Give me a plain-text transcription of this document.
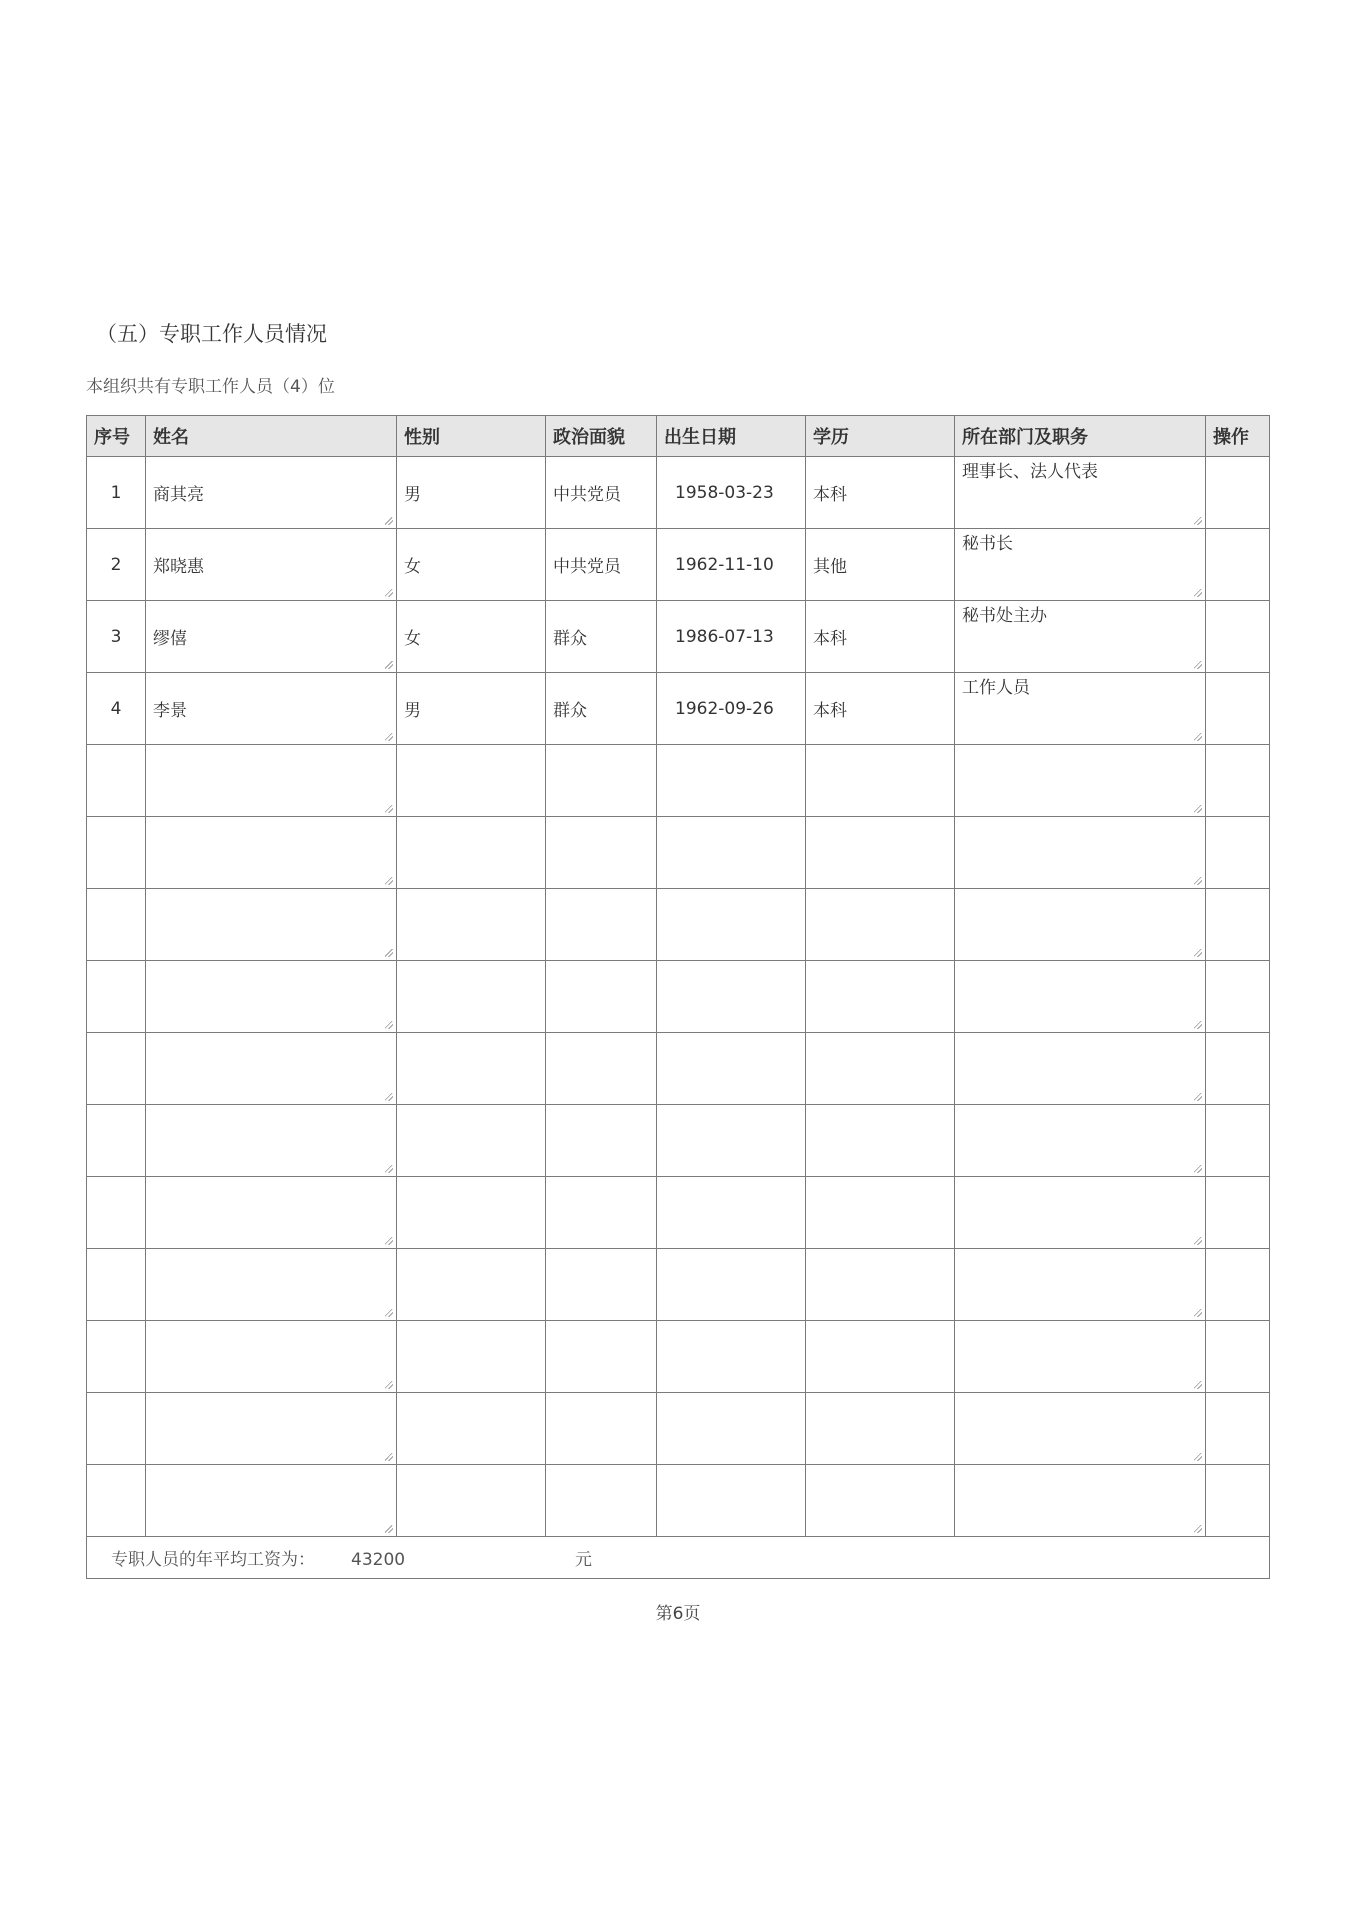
（五）专职工作人员情况
本组织共有专职工作人员（4）位
序号	姓名	性别	政治面貌	出生日期	学历	所在部门及职务	操作
1	商其亮	男	中共党员	1958-03-23	本科	理事长、法人代表

2	郑晓惠	女	中共党员	1962-11-10	其他	秘书长

3	缪僖	女	群众	1986-07-13	本科	秘书处主办

4	李景	男	群众	1962-09-26	本科	工作人员

专职人员的年平均工资为： 43200 元							
第6页
